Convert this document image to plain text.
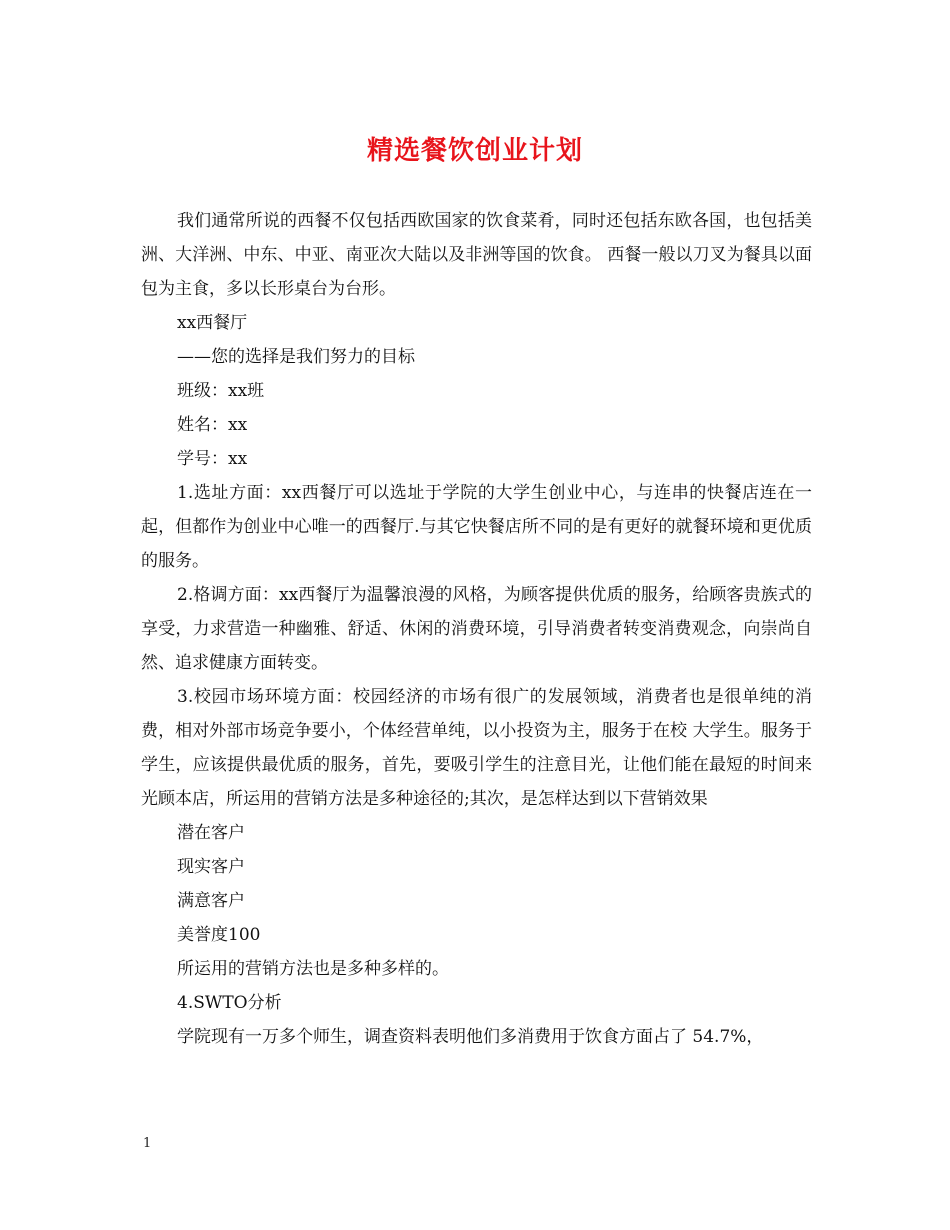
精选餐饮创业计划

我们通常所说的西餐不仅包括西欧国家的饮食菜肴，同时还包括东欧各国，也包括美洲、大洋洲、中东、中亚、南亚次大陆以及非洲等国的饮食。 西餐一般以刀叉为餐具以面包为主食，多以长形桌台为台形。

xx西餐厅

——您的选择是我们努力的目标

班级：xx班

姓名：xx

学号：xx

1.选址方面：xx西餐厅可以选址于学院的大学生创业中心，与连串的快餐店连在一起，但都作为创业中心唯一的西餐厅.与其它快餐店所不同的是有更好的就餐环境和更优质的服务。

2.格调方面：xx西餐厅为温馨浪漫的风格，为顾客提供优质的服务，给顾客贵族式的享受，力求营造一种幽雅、舒适、休闲的消费环境，引导消费者转变消费观念，向崇尚自然、追求健康方面转变。

3.校园市场环境方面：校园经济的市场有很广的发展领域，消费者也是很单纯的消费，相对外部市场竞争要小，个体经营单纯，以小投资为主，服务于在校 大学生。服务于学生，应该提供最优质的服务，首先，要吸引学生的注意目光，让他们能在最短的时间来光顾本店，所运用的营销方法是多种途径的;其次，是怎样达到以下营销效果

潜在客户

现实客户

满意客户

美誉度100

所运用的营销方法也是多种多样的。

4.SWTO分析

学院现有一万多个师生，调查资料表明他们多消费用于饮食方面占了 54.7%，

1
